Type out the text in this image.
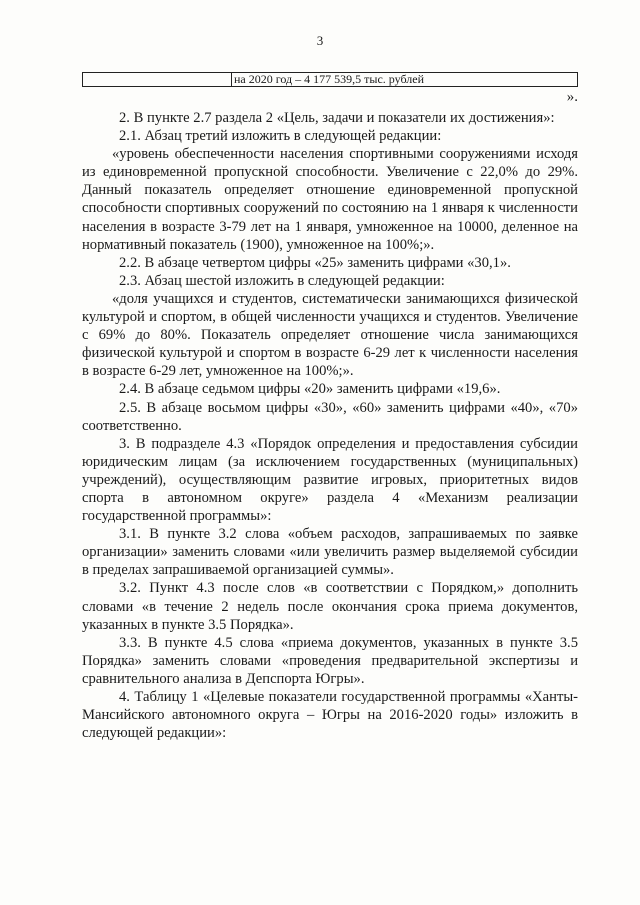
3
на 2020 год – 4 177 539,5 тыс. рублей
».

2. В пункте 2.7 раздела 2 «Цель, задачи и показатели их достижения»:

2.1. Абзац третий изложить в следующей редакции:

«уровень обеспеченности населения спортивными сооружениями исходя из единовременной пропускной способности. Увеличение с 22,0% до 29%. Данный показатель определяет отношение единовременной пропускной способности спортивных сооружений по состоянию на 1 января к численности населения в возрасте 3-79 лет на 1 января, умноженное на 10000, деленное на нормативный показатель (1900), умноженное на 100%;».

2.2. В абзаце четвертом цифры «25» заменить цифрами «30,1».

2.3. Абзац шестой изложить в следующей редакции:

«доля учащихся и студентов, систематически занимающихся физической культурой и спортом, в общей численности учащихся и студентов. Увеличение с 69% до 80%. Показатель определяет отношение числа занимающихся физической культурой и спортом в возрасте 6-29 лет к численности населения в возрасте 6-29 лет, умноженное на 100%;».

2.4. В абзаце седьмом цифры «20» заменить цифрами «19,6».

2.5. В абзаце восьмом цифры «30», «60» заменить цифрами «40», «70» соответственно.

3. В подразделе 4.3 «Порядок определения и предоставления субсидии юридическим лицам (за исключением государственных (муниципальных) учреждений), осуществляющим развитие игровых, приоритетных видов спорта в автономном округе» раздела 4 «Механизм реализации государственной программы»:

3.1. В пункте 3.2 слова «объем расходов, запрашиваемых по заявке организации» заменить словами «или увеличить размер выделяемой субсидии в пределах запрашиваемой организацией суммы».

3.2. Пункт 4.3 после слов «в соответствии с Порядком,» дополнить словами «в течение 2 недель после окончания срока приема документов, указанных в пункте 3.5 Порядка».

3.3. В пункте 4.5 слова «приема документов, указанных в пункте 3.5 Порядка» заменить словами «проведения предварительной экспертизы и сравнительного анализа в Депспорта Югры».

4. Таблицу 1 «Целевые показатели государственной программы «Ханты-Мансийского автономного округа – Югры на 2016-2020 годы» изложить в следующей редакции»:
